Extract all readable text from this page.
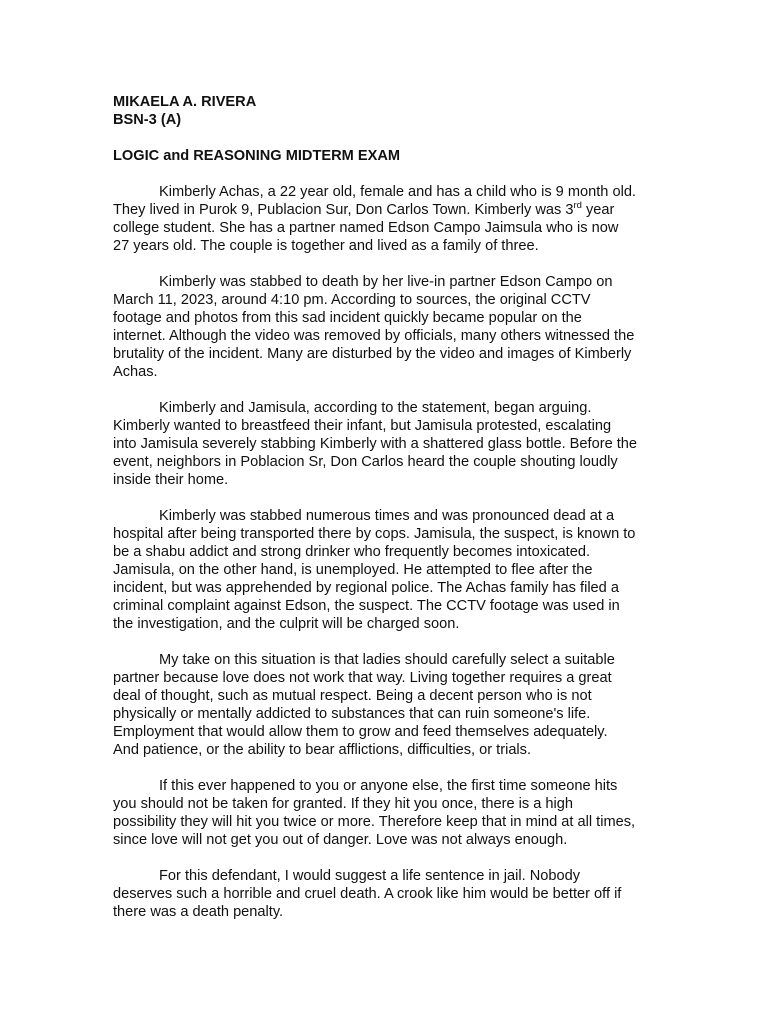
MIKAELA A. RIVERA
BSN-3 (A)
LOGIC and REASONING MIDTERM EXAM
Kimberly Achas, a 22 year old, female and has a child who is 9 month old.
They lived in Purok 9, Publacion Sur, Don Carlos Town. Kimberly was 3rd year
college student. She has a partner named Edson Campo Jaimsula who is now
27 years old. The couple is together and lived as a family of three.
Kimberly was stabbed to death by her live-in partner Edson Campo on
March 11, 2023, around 4:10 pm. According to sources, the original CCTV
footage and photos from this sad incident quickly became popular on the
internet. Although the video was removed by officials, many others witnessed the
brutality of the incident. Many are disturbed by the video and images of Kimberly
Achas.
Kimberly and Jamisula, according to the statement, began arguing.
Kimberly wanted to breastfeed their infant, but Jamisula protested, escalating
into Jamisula severely stabbing Kimberly with a shattered glass bottle. Before the
event, neighbors in Poblacion Sr, Don Carlos heard the couple shouting loudly
inside their home.
Kimberly was stabbed numerous times and was pronounced dead at a
hospital after being transported there by cops. Jamisula, the suspect, is known to
be a shabu addict and strong drinker who frequently becomes intoxicated.
Jamisula, on the other hand, is unemployed. He attempted to flee after the
incident, but was apprehended by regional police. The Achas family has filed a
criminal complaint against Edson, the suspect. The CCTV footage was used in
the investigation, and the culprit will be charged soon.
My take on this situation is that ladies should carefully select a suitable
partner because love does not work that way. Living together requires a great
deal of thought, such as mutual respect. Being a decent person who is not
physically or mentally addicted to substances that can ruin someone's life.
Employment that would allow them to grow and feed themselves adequately.
And patience, or the ability to bear afflictions, difficulties, or trials.
If this ever happened to you or anyone else, the first time someone hits
you should not be taken for granted. If they hit you once, there is a high
possibility they will hit you twice or more. Therefore keep that in mind at all times,
since love will not get you out of danger. Love was not always enough.
For this defendant, I would suggest a life sentence in jail. Nobody
deserves such a horrible and cruel death. A crook like him would be better off if
there was a death penalty.
